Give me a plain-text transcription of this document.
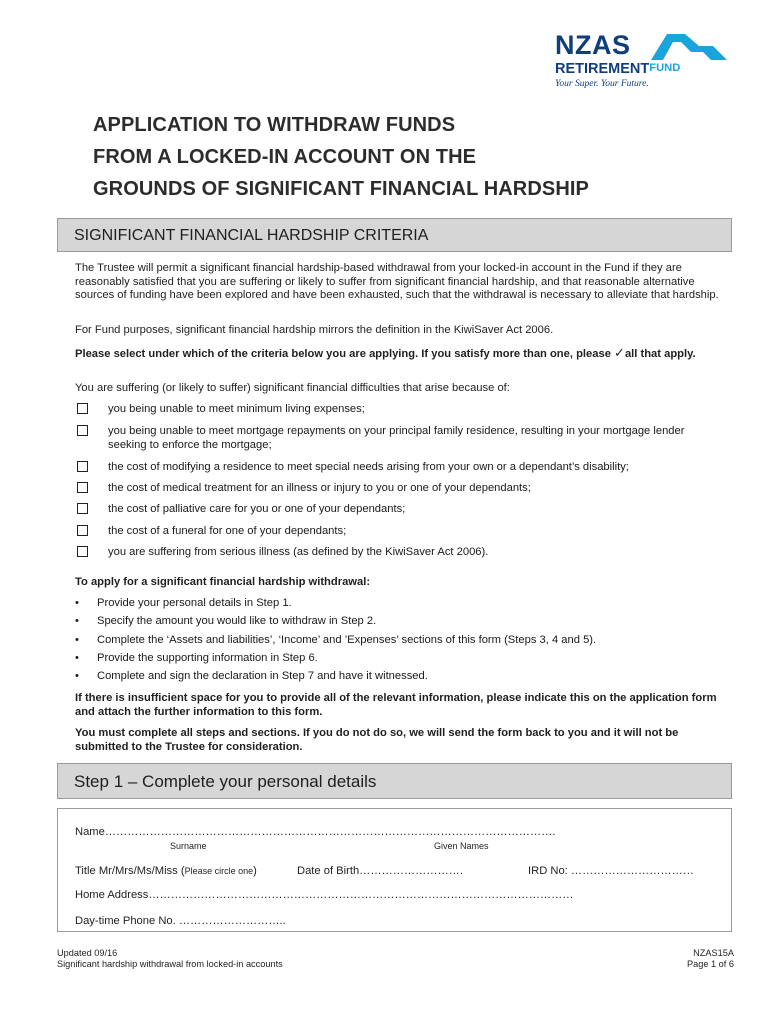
NZAS
RETIREMENT FUND
Your Super. Your Future.
APPLICATION TO WITHDRAW FUNDS
FROM A LOCKED-IN ACCOUNT ON THE
GROUNDS OF SIGNIFICANT FINANCIAL HARDSHIP
SIGNIFICANT FINANCIAL HARDSHIP CRITERIA
The Trustee will permit a significant financial hardship-based withdrawal from your locked-in account in the Fund if they are reasonably satisfied that you are suffering or likely to suffer from significant financial hardship, and that reasonable alternative sources of funding have been explored and have been exhausted, such that the withdrawal is necessary to alleviate that hardship.
For Fund purposes, significant financial hardship mirrors the definition in the KiwiSaver Act 2006.
Please select under which of the criteria below you are applying. If you satisfy more than one, please ✓all that apply.
You are suffering (or likely to suffer) significant financial difficulties that arise because of:
you being unable to meet minimum living expenses;
you being unable to meet mortgage repayments on your principal family residence, resulting in your mortgage lender seeking to enforce the mortgage;
the cost of modifying a residence to meet special needs arising from your own or a dependant’s disability;
the cost of medical treatment for an illness or injury to you or one of your dependants;
the cost of palliative care for you or one of your dependants;
the cost of a funeral for one of your dependants;
you are suffering from serious illness (as defined by the KiwiSaver Act 2006).
To apply for a significant financial hardship withdrawal:
• Provide your personal details in Step 1.
• Specify the amount you would like to withdraw in Step 2.
• Complete the ‘Assets and liabilities’, ‘Income’ and ’Expenses’ sections of this form (Steps 3, 4 and 5).
• Provide the supporting information in Step 6.
• Complete and sign the declaration in Step 7 and have it witnessed.
If there is insufficient space for you to provide all of the relevant information, please indicate this on the application form and attach the further information to this form.
You must complete all steps and sections. If you do not do so, we will send the form back to you and it will not be submitted to the Trustee for consideration.
Step 1 – Complete your personal details
Name………………………………………………………………………………………………………….
Surname	Given Names
Title Mr/Mrs/Ms/Miss (Please circle one)	Date of Birth……………………….	IRD No: ……………………………
Home Address……………………………………………………………………………………………………
Day-time Phone No. ………………………..
Updated 09/16
Significant hardship withdrawal from locked-in accounts
NZAS15A
Page 1 of 6
